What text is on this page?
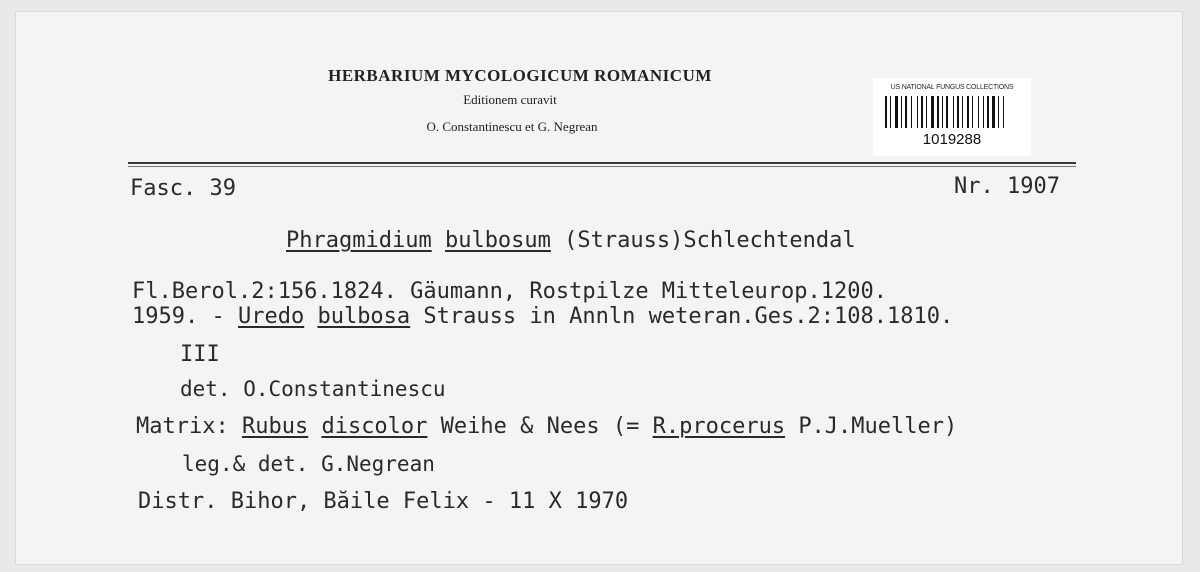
HERBARIUM MYCOLOGICUM ROMANICUM
Editionem curavit
O. Constantinescu et G. Negrean
US NATIONAL FUNGUS COLLECTIONS
1019288
Fasc. 39	Nr. 1907
Phragmidium bulbosum (Strauss)Schlechtendal
Fl.Berol.2:156.1824. Gäumann, Rostpilze Mitteleurop.1200.
1959. - Uredo bulbosa Strauss in Annln weteran.Ges.2:108.1810.
III
det. O.Constantinescu
Matrix: Rubus discolor Weihe & Nees (= R.procerus P.J.Mueller)
leg.& det. G.Negrean
Distr. Bihor, Băile Felix - 11 X 1970
